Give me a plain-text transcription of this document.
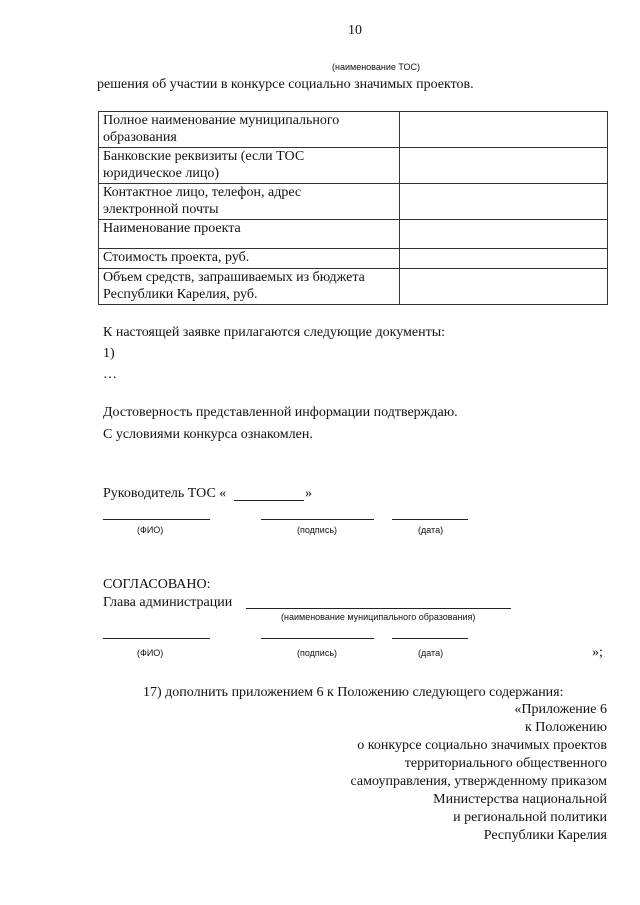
10
(наименование ТОС)
решения об участии в конкурсе социально значимых проектов.
Полное наименование муниципального
образования	

Банковские реквизиты (если ТОС
юридическое лицо)	

Контактное лицо, телефон, адрес
электронной почты	

Наименование проекта	

Стоимость проекта, руб.	

Объем средств, запрашиваемых из бюджета
Республики Карелия, руб.	

К настоящей заявке прилагаются следующие документы:
1)
…
Достоверность представленной информации подтверждаю.
С условиями конкурса ознакомлен.
Руководитель ТОС «	»
(ФИО)	(подпись)	(дата)
СОГЛАСОВАНО:
Глава администрации
(наименование муниципального образования)
(ФИО)	(подпись)	(дата)	»;
17) дополнить приложением 6 к Положению следующего содержания:
«Приложение 6
к Положению
о конкурсе социально значимых проектов
территориального общественного
самоуправления, утвержденному приказом
Министерства национальной
и региональной политики
Республики Карелия
